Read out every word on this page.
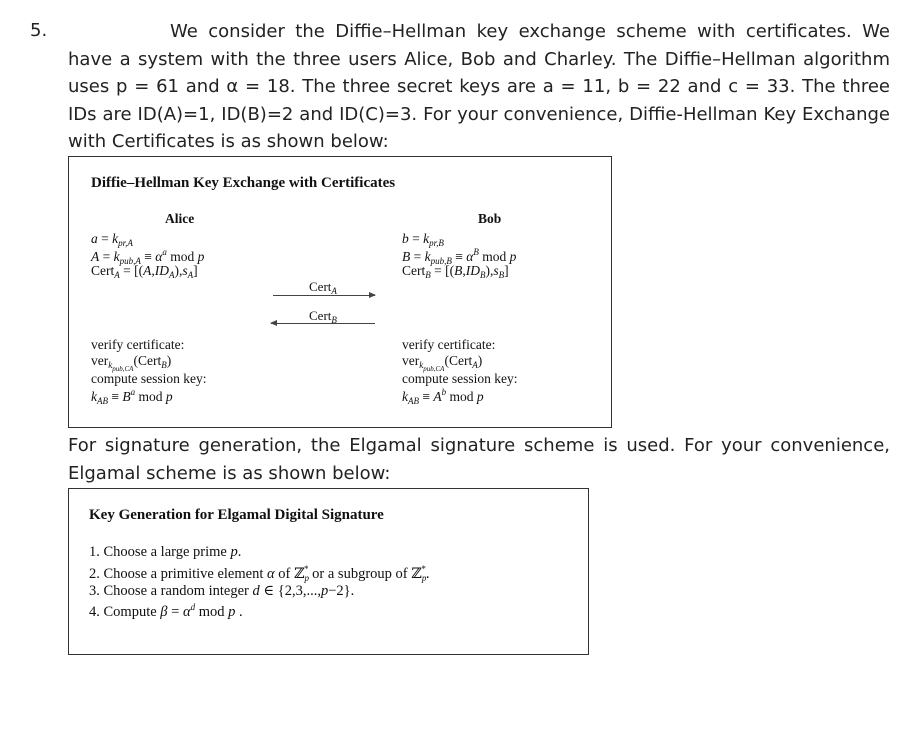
5.	We consider the Diffie–Hellman key exchange scheme with certificates. We have a system with the three users Alice, Bob and Charley. The Diffie–Hellman algorithm uses p = 61 and α = 18. The three secret keys are a = 11, b = 22 and c = 33. The three IDs are ID(A)=1, ID(B)=2 and ID(C)=3. For your convenience, Diffie-Hellman Key Exchange with Certificates is as shown below:

Diffie–Hellman Key Exchange with Certificates
Alice	Bob
$a = k_{pr,A}$
$A = k_{pub,A} \equiv \alpha^a$ mod p
Cert$_A$ = $[(A,ID_A),s_A]$
$b = k_{pr,B}$
$B = k_{pub,B} \equiv \alpha^B$ mod p
Cert$_B$ = $[(B,ID_B),s_B]$
Cert$_A$
Cert$_B$
verify certificate:
ver$_{k_{pub,CA}}$(Cert$_B$)
compute session key:
$k_{AB} \equiv B^a$ mod p
verify certificate:
ver$_{k_{pub,CA}}$(Cert$_A$)
compute session key:
$k_{AB} \equiv A^b$ mod p

For signature generation, the Elgamal signature scheme is used. For your convenience, Elgamal scheme is as shown below:

Key Generation for Elgamal Digital Signature
1. Choose a large prime p.
2. Choose a primitive element α of ℤ$_p$* or a subgroup of ℤ$_p$*.
3. Choose a random integer d ∈ {2,3,...,p−2}.
4. Compute $\beta = \alpha^d$ mod p .
